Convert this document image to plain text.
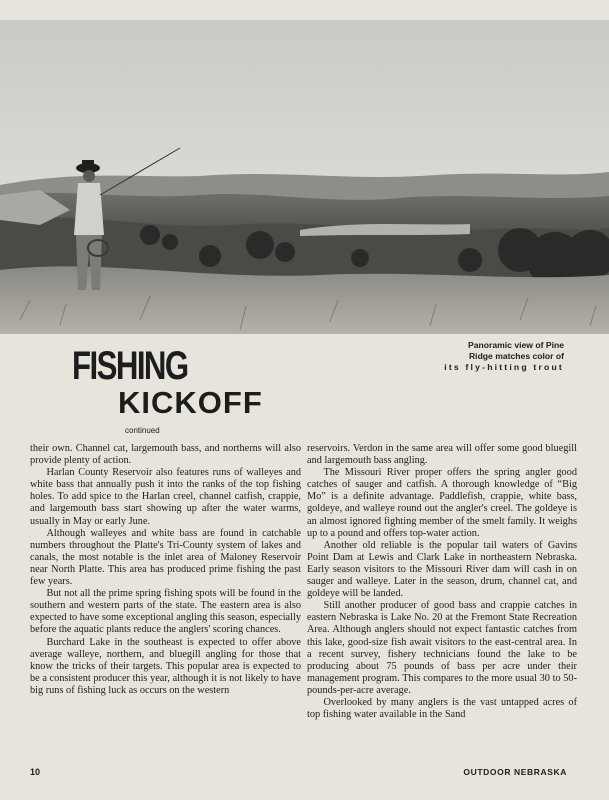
Panoramic view of Pine
Ridge matches color of
its fly-hitting trout
FISHING
KICKOFF
continued

their own. Channel cat, largemouth bass, and northerns will also provide plenty of action.

Harlan County Reservoir also features runs of walleyes and white bass that annually push it into the ranks of the top fishing holes. To add spice to the Harlan creel, channel catfish, crappie, and largemouth bass start showing up after the water warms, usually in May or early June.

Although walleyes and white bass are found in catchable numbers throughout the Platte's Tri-County system of lakes and canals, the most notable is the inlet area of Maloney Reservoir near North Platte. This area has produced prime fishing the past few years.

But not all the prime spring fishing spots will be found in the southern and western parts of the state. The eastern area is also expected to have some exceptional angling this season, especially before the aquatic plants reduce the anglers' scoring chances.

Burchard Lake in the southeast is expected to offer above average walleye, northern, and bluegill angling for those that know the tricks of their targets. This popular area is expected to be a consistent producer this year, although it is not likely to have big runs of fishing luck as occurs on the western

reservoirs. Verdon in the same area will offer some good bluegill and largemouth bass angling.

The Missouri River proper offers the spring angler good catches of sauger and catfish. A thorough knowledge of “Big Mo” is a definite advantage. Paddlefish, crappie, white bass, goldeye, and walleye round out the angler's creel. The goldeye is an almost ignored fighting member of the smelt family. It weighs up to a pound and offers top-water action.

Another old reliable is the popular tail waters of Gavins Point Dam at Lewis and Clark Lake in northeastern Nebraska. Early season visitors to the Missouri River dam will cash in on sauger and walleye. Later in the season, drum, channel cat, and goldeye will be landed.

Still another producer of good bass and crappie catches in eastern Nebraska is Lake No. 20 at the Fremont State Recreation Area. Although anglers should not expect fantastic catches from this lake, good-size fish await visitors to the east-central area. In a recent survey, fishery technicians found the lake to be producing about 75 pounds of bass per acre under their management program. This compares to the more usual 30 to 50-pounds-per-acre average.

Overlooked by many anglers is the vast untapped acres of top fishing water available in the Sand

10	OUTDOOR NEBRASKA
